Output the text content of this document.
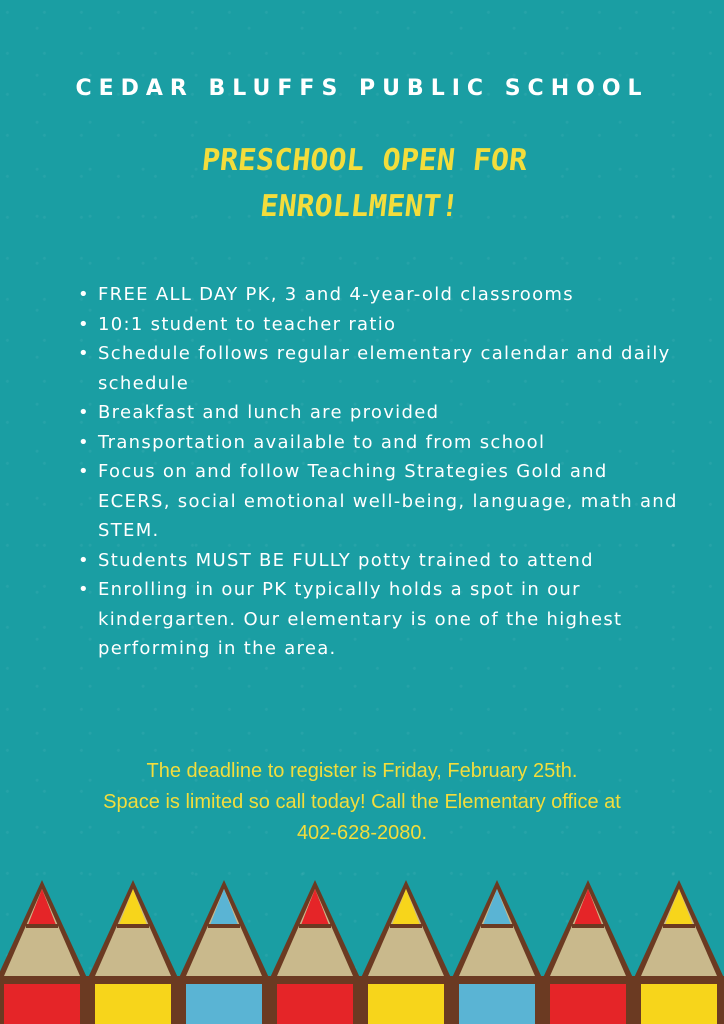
CEDAR BLUFFS PUBLIC SCHOOL
PRESCHOOL OPEN FOR
ENROLLMENT!
• FREE ALL DAY PK, 3 and 4-year-old classrooms
• 10:1 student to teacher ratio
• Schedule follows regular elementary calendar and daily schedule
• Breakfast and lunch are provided
• Transportation available to and from school
• Focus on and follow Teaching Strategies Gold and ECERS, social emotional well-being, language, math and STEM.
• Students MUST BE FULLY potty trained to attend
• Enrolling in our PK typically holds a spot in our kindergarten. Our elementary is one of the highest performing in the area.

The deadline to register is Friday, February 25th.
Space is limited so call today! Call the Elementary office at
402-628-2080.
